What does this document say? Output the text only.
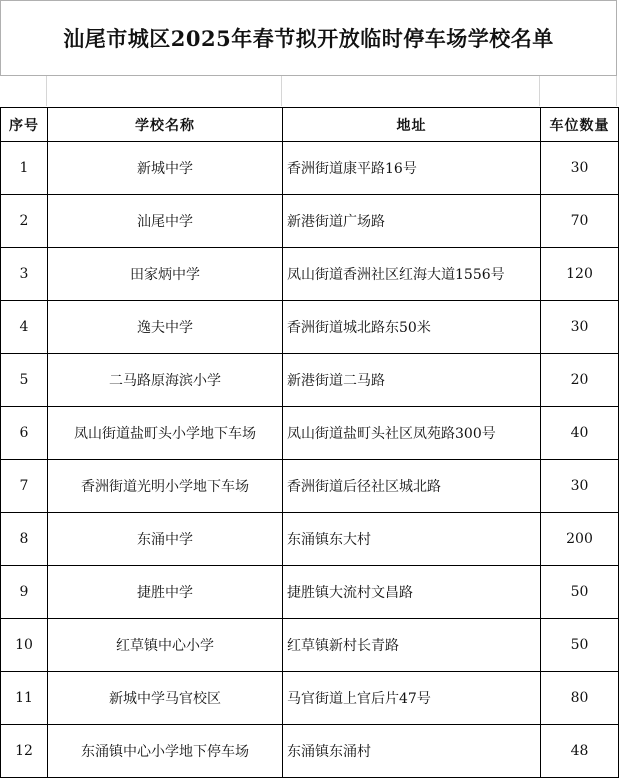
汕尾市城区2025年春节拟开放临时停车场学校名单
序号	学校名称	地址	车位数量
1	新城中学	香洲街道康平路16号	30
2	汕尾中学	新港街道广场路	70
3	田家炳中学	凤山街道香洲社区红海大道1556号	120
4	逸夫中学	香洲街道城北路东50米	30
5	二马路原海滨小学	新港街道二马路	20
6	凤山街道盐町头小学地下车场	凤山街道盐町头社区凤苑路300号	40
7	香洲街道光明小学地下车场	香洲街道后径社区城北路	30
8	东涌中学	东涌镇东大村	200
9	捷胜中学	捷胜镇大流村文昌路	50
10	红草镇中心小学	红草镇新村长青路	50
11	新城中学马官校区	马官街道上官后片47号	80
12	东涌镇中心小学地下停车场	东涌镇东涌村	48
